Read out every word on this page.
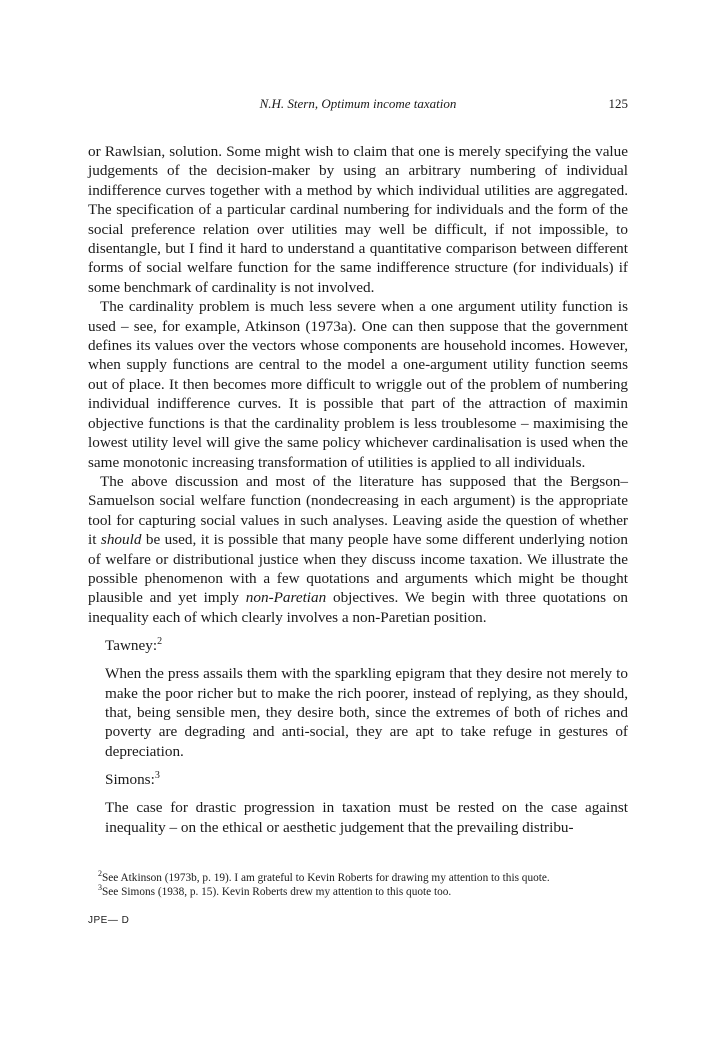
N.H. Stern, Optimum income taxation	125

or Rawlsian, solution. Some might wish to claim that one is merely specifying the value judgements of the decision-maker by using an arbitrary numbering of individual indifference curves together with a method by which individual utilities are aggregated. The specification of a particular cardinal numbering for individuals and the form of the social preference relation over utilities may well be difficult, if not impossible, to disentangle, but I find it hard to understand a quantitative comparison between different forms of social welfare function for the same indifference structure (for individuals) if some benchmark of cardinality is not involved.

The cardinality problem is much less severe when a one argument utility function is used – see, for example, Atkinson (1973a). One can then suppose that the government defines its values over the vectors whose components are household incomes. However, when supply functions are central to the model a one-argument utility function seems out of place. It then becomes more difficult to wriggle out of the problem of numbering individual indifference curves. It is possible that part of the attraction of maximin objective functions is that the cardinality problem is less troublesome – maximising the lowest utility level will give the same policy whichever cardinalisation is used when the same monotonic increasing transformation of utilities is applied to all individuals.

The above discussion and most of the literature has supposed that the Bergson–Samuelson social welfare function (nondecreasing in each argument) is the appropriate tool for capturing social values in such analyses. Leaving aside the question of whether it should be used, it is possible that many people have some different underlying notion of welfare or distributional justice when they discuss income taxation. We illustrate the possible phenomenon with a few quotations and arguments which might be thought plausible and yet imply non-Paretian objectives. We begin with three quotations on inequality each of which clearly involves a non-Paretian position.

Tawney:$^2$
When the press assails them with the sparkling epigram that they desire not merely to make the poor richer but to make the rich poorer, instead of replying, as they should, that, being sensible men, they desire both, since the extremes of both of riches and poverty are degrading and anti-social, they are apt to take refuge in gestures of depreciation.
Simons:$^3$
The case for drastic progression in taxation must be rested on the case against inequality – on the ethical or aesthetic judgement that the prevailing distribu-

$^2$See Atkinson (1973b, p. 19). I am grateful to Kevin Roberts for drawing my attention to this quote.

$^3$See Simons (1938, p. 15). Kevin Roberts drew my attention to this quote too.

JPE— D
